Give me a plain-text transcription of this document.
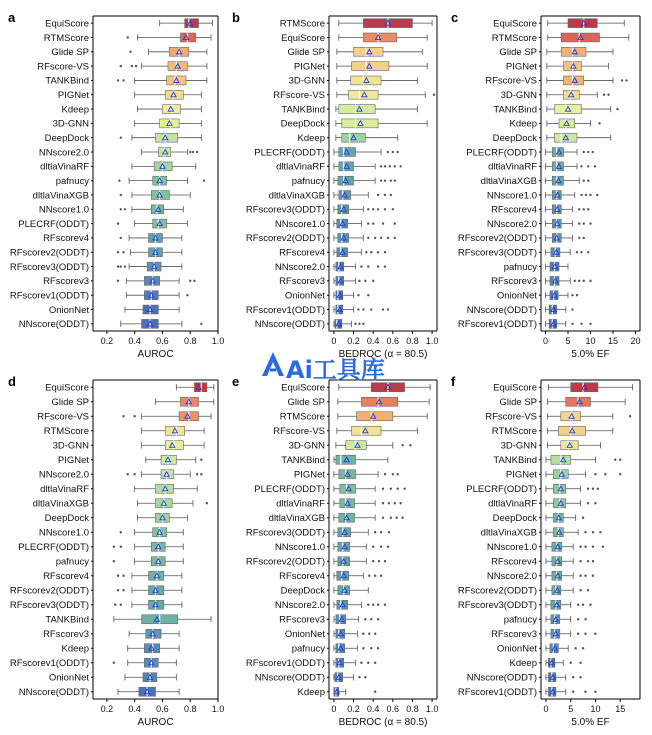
a
0.2 0.4 0.6 0.8 1.0
AUROC
EquiScore
RTMScore
Glide SP
RFscore-VS
TANKBind
PIGNet
Kdeep
3D-GNN
DeepDock
NNscore2.0
dltlaVinaRF
pafnucy
dltlaVinaXGB
NNscore1.0
PLECRF(ODDT)
RFscorev4
RFscorev2(ODDT)
RFscorev3(ODDT)
RFscorev3
RFscorev1(ODDT)
OnionNet
NNscore(ODDT)
b
0 0.2 0.4 0.6 0.8 1.0
BEDROC (α = 80.5)
RTMScore
EquiScore
Glide SP
PIGNet
3D-GNN
RFscore-VS
TANKBind
DeepDock
Kdeep
PLECRF(ODDT)
dltlaVinaRF
pafnucy
dltlaVinaXGB
RFscorev3(ODDT)
NNscore1.0
RFscorev2(ODDT)
RFscorev4
NNscore2.0
RFscorev3
OnionNet
RFscorev1(ODDT)
NNscore(ODDT)
c
0 5 10 15 20
5.0% EF
EquiScore
RTMScore
Glide SP
PIGNet
RFscore-VS
3D-GNN
TANKBind
Kdeep
DeepDock
PLECRF(ODDT)
dltlaVinaRF
dltlaVinaXGB
NNscore1.0
RFscorev4
NNscore2.0
RFscorev2(ODDT)
RFscorev3(ODDT)
pafnucy
RFscorev3
OnionNet
NNscore(ODDT)
RFscorev1(ODDT)
d
0.2 0.4 0.6 0.8 1.0
AUROC
EquiScore
Glide SP
RFscore-VS
RTMScore
3D-GNN
PIGNet
NNscore2.0
dltlaVinaRF
dltlaVinaXGB
DeepDock
NNscore1.0
PLECRF(ODDT)
pafnucy
RFscorev4
RFscorev2(ODDT)
RFscorev3(ODDT)
TANKBind
RFscorev3
Kdeep
RFscorev1(ODDT)
OnionNet
NNscore(ODDT)
e
0 0.2 0.4 0.6 0.8 1.0
BEDROC (α = 80.5)
EquiScore
Glide SP
RTMScore
RFscore-VS
3D-GNN
TANKBind
PIGNet
PLECRF(ODDT)
dltlaVinaRF
dltlaVinaXGB
RFscorev3(ODDT)
NNscore1.0
RFscorev2(ODDT)
RFscorev4
DeepDock
NNscore2.0
RFscorev3
OnionNet
pafnucy
RFscorev1(ODDT)
NNscore(ODDT)
Kdeep
f
0 5 10 15
5.0% EF
EquiScore
Glide SP
RFscore-VS
RTMScore
3D-GNN
TANKBind
PIGNet
PLECRF(ODDT)
dltlaVinaRF
DeepDock
dltlaVinaXGB
NNscore1.0
RFscorev4
NNscore2.0
RFscorev2(ODDT)
RFscorev3(ODDT)
pafnucy
RFscorev3
OnionNet
Kdeep
NNscore(ODDT)
RFscorev1(ODDT)
Ai工具库
